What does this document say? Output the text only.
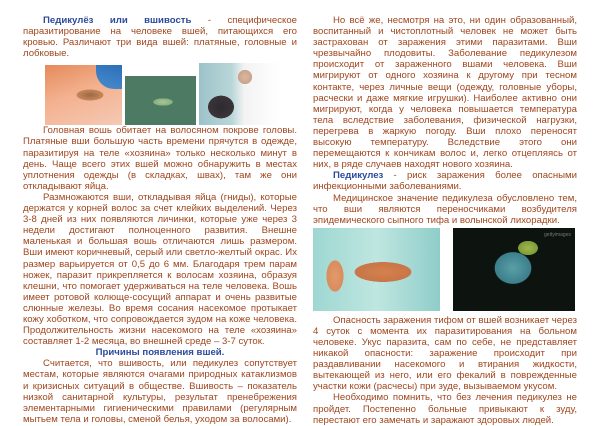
Педикулёз или вшивость - специфическое паразитирование на человеке вшей, питающихся его кровью. Различают три вида вшей: платяные, головные и лобковые.

Головная вошь обитает на волосяном покрове головы. Платяные вши большую часть времени прячутся в одежде, паразитируя на теле «хозяина» только несколько минут в день. Чаще всего этих вшей можно обнаружить в местах уплотнения одежды (в складках, швах), там же они откладывают яйца.

Размножаются вши, откладывая яйца (гниды), которые держатся у корней волос за счет клейких выделений. Через 3-8 дней из них появляются личинки, которые уже через 3 недели достигают полноценного развития. Внешне маленькая и большая вошь отличаются лишь размером. Вши имеют коричневый, серый или светло-желтый окрас. Их размер варьируется от 0,5 до 6 мм. Благодаря трем парам ножек, паразит прикрепляется к волосам хозяина, образуя клешни, что помогает удерживаться на теле человека. Вошь имеет ротовой колюще-сосущий аппарат и очень развитые слюнные железы. Во время сосания насекомое протыкает кожу хоботком, что сопровождается зудом на коже человека. Продолжительность жизни насекомого на теле «хозяина» составляет 1-2 месяца, во внешней среде – 3-7 суток.

Причины появления вшей.

Считается, что вшивость, или педикулез сопутствует местам, которые являются очагами природных катаклизмов и кризисных ситуаций в обществе. Вшивость – показатель низкой санитарной культуры, результат пренебрежения элементарными гигиеническими правилами (регулярным мытьем тела и головы, сменой белья, уходом за волосами).

Но всё же, несмотря на это, ни один образованный, воспитанный и чистоплотный человек не может быть застрахован от заражения этими паразитами. Вши чрезвычайно плодовиты. Заболевание педикулезом происходит от зараженного вшами человека. Вши мигрируют от одного хозяина к другому при тесном контакте, через личные вещи (одежду, головные уборы, расчески и даже мягкие игрушки). Наиболее активно они мигрируют, когда у человека повышается температура тела вследствие заболевания, физической нагрузки, перегрева в жаркую погоду. Вши плохо переносят высокую температуру. Вследствие этого они перемещаются к кончикам волос и, легко отцепляясь от них, в ряде случаев находят нового хозяина.

Педикулез - риск заражения более опасными инфекционными заболеваниями.

Медицинское значение педикулеза обусловлено тем, что вши являются переносчиками возбудителя эпидемического сыпного тифа и волынской лихорадки.

gettyimages

Опасность заражения тифом от вшей возникает через 4 суток с момента их паразитирования на больном человеке. Укус паразита, сам по себе, не представляет никакой опасности: заражение происходит при раздавливании насекомого и втирания жидкости, вытекающей из него, или его фекалий в поврежденные участки кожи (расчесы) при зуде, вызываемом укусом.

Необходимо помнить, что без лечения педикулез не пройдет. Постепенно больные привыкают к зуду, перестают его замечать и заражают здоровых людей.
